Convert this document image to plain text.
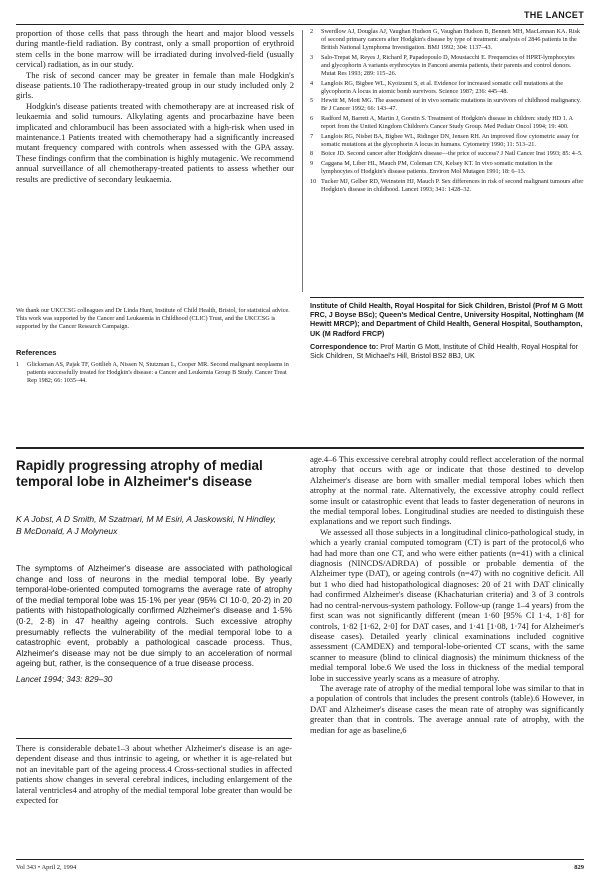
THE LANCET

proportion of those cells that pass through the heart and major blood vessels during mantle-field radiation. By contrast, only a small proportion of erythroid stem cells in the bone marrow will be irradiated during involved-field (usually cervical) radiation, as in our study.

The risk of second cancer may be greater in female than male Hodgkin's disease patients.10 The radiotherapy-treated group in our study included only 2 girls.

Hodgkin's disease patients treated with chemotherapy are at increased risk of leukaemia and solid tumours. Alkylating agents and procarbazine have been implicated and chlorambucil has been associated with a high-risk when used in maintenance.1 Patients treated with chemotherapy had a significantly increased mutant frequency compared with controls when assessed with the GPA assay. These findings confirm that the combination is highly mutagenic. We recommend annual surveillance of all chemotherapy-treated patients to assess whether our results are predictive of secondary leukaemia.

We thank our UKCCSG colleagues and Dr Linda Hunt, Institute of Child Health, Bristol, for statistical advice. This work was supported by the Cancer and Leukaemia in Childhood (CLIC) Trust, and the UKCCSG is supported by the Cancer Research Campaign.
References
1 Glicksman AS, Pajak TF, Gottlieb A, Nissen N, Stutzman L, Cooper MR. Second malignant neoplasms in patients successfully treated for Hodgkin's disease: a Cancer and Leukemia Group B Study. Cancer Treat Rep 1982; 66: 1035–44.
2 Swerdlow AJ, Douglas AJ, Vaughan Hudson G, Vaughan Hudson B, Bennett MH, MacLennan KA. Risk of second primary cancers after Hodgkin's disease by type of treatment: analysis of 2846 patients in the British National Lymphoma Investigation. BMJ 1992; 304: 1137–43.
3 Salo-Trepat M, Reyes J, Richard P, Papadopoulo D, Moustacchi E. Frequencies of HPRT-lymphocytes and glycophorin A variants erythrocytes in Fanconi anemia patients, their parents and control donors. Mutat Res 1993; 289: 115–26.
4 Langlois RG, Bigbee WL, Kyoizumi S, et al. Evidence for increased somatic cell mutations at the glycophorin A locus in atomic bomb survivors. Science 1987; 236: 445–48.
5 Hewitt M, Mott MG. The assessment of in vivo somatic mutations in survivors of childhood malignancy. Br J Cancer 1992; 66: 143–47.
6 Radford M, Barrett A, Martin J, Gorstin S. Treatment of Hodgkin's disease in children: study HD 1. A report from the United Kingdom Children's Cancer Study Group. Med Pediatr Oncol 1994; 19: 400.
7 Langlois RG, Nisbet BA, Bigbee WL, Ridinger DN, Jensen RH. An improved flow cytometric assay for somatic mutations at the glycophorin A locus in humans. Cytometry 1990; 11: 513–21.
8 Boice JD. Second cancer after Hodgkin's disease—the price of success? J Natl Cancer Inst 1993; 85: 4–5.
9 Caggana M, Liber HL, Mauch PM, Coleman CN, Kelsey KT. In vivo somatic mutation in the lymphocytes of Hodgkin's disease patients. Environ Mol Mutagen 1991; 18: 6–13.
10 Tucker MJ, Gelber RD, Weinstein HJ, Mauch P. Sex differences in risk of second malignant tumours after Hodgkin's disease in childhood. Lancet 1993; 341: 1428–32.

Institute of Child Health, Royal Hospital for Sick Children, Bristol (Prof M G Mott FRC, J Boyse BSc); Queen's Medical Centre, University Hospital, Nottingham (M Hewitt MRCP); and Department of Child Health, General Hospital, Southampton, UK (M Radford FRCP)

Correspondence to: Prof Martin G Mott, Institute of Child Health, Royal Hospital for Sick Children, St Michael's Hill, Bristol BS2 8BJ, UK

Rapidly progressing atrophy of medial temporal lobe in Alzheimer's disease
K A Jobst, A D Smith, M Szatmari, M M Esiri, A Jaskowski, N Hindley, B McDonald, A J Molyneux

The symptoms of Alzheimer's disease are associated with pathological change and loss of neurons in the medial temporal lobe. By yearly temporal-lobe-oriented computed tomograms the average rate of atrophy of the medial temporal lobe was 15·1% per year (95% CI 10·0, 20·2) in 20 patients with histopathologically confirmed Alzheimer's disease and 1·5% (0·2, 2·8) in 47 healthy ageing controls. Such excessive atrophy presumably reflects the vulnerability of the medial temporal lobe to a catastrophic event, probably a pathological cascade process. Thus, Alzheimer's disease may not be due simply to an acceleration of normal ageing but, rather, is the consequence of a true disease process.

Lancet 1994; 343: 829–30

There is considerable debate1–3 about whether Alzheimer's disease is an age-dependent disease and thus intrinsic to ageing, or whether it is age-related but not an inevitable part of the ageing process.4 Cross-sectional studies in affected patients show changes in several cerebral indices, including enlargement of the lateral ventricles4 and atrophy of the medial temporal lobe greater than would be expected for

age.4–6 This excessive cerebral atrophy could reflect acceleration of the normal atrophy that occurs with age or indicate that those destined to develop Alzheimer's disease are born with smaller medial temporal lobes which then atrophy at the normal rate. Alternatively, the excessive atrophy could reflect some insult or catastrophic event that leads to faster degeneration of neurons in the medial temporal lobes. Longitudinal studies are needed to distinguish these explanations and we report such findings.

We assessed all those subjects in a longitudinal clinico-pathological study, in which a yearly cranial computed tomogram (CT) is part of the protocol,6 who had had more than one CT, and who were either patients (n=41) with a clinical diagnosis (NINCDS/ADRDA) of possible or probable dementia of the Alzheimer type (DAT), or ageing controls (n=47) with no cognitive deficit. All but 1 who died had histopathological diagnoses: 20 of 21 with DAT clinically had confirmed Alzheimer's disease (Khachaturian criteria) and 3 of 3 controls had no central-nervous-system pathology. Follow-up (range 1–4 years) from the first scan was not significantly different (mean 1·60 [95% CI 1·4, 1·8] for controls, 1·82 [1·62, 2·0] for DAT cases, and 1·41 [1·08, 1·74] for Alzheimer's disease cases). Detailed yearly clinical examinations included cognitive assessment (CAMDEX) and temporal-lobe-oriented CT scans, with the same scanner to measure (blind to clinical diagnosis) the minimum thickness of the medial temporal lobe.6 We used the loss in thickness of the medial temporal lobe in successive yearly scans as a measure of atrophy.

The average rate of atrophy of the medial temporal lobe was similar to that in a population of controls that includes the present controls (table).6 However, in DAT and Alzheimer's disease cases the mean rate of atrophy was significantly greater than that in controls. The average annual rate of atrophy, with the median for age as baseline,6

Vol 343 • April 2, 1994	829
